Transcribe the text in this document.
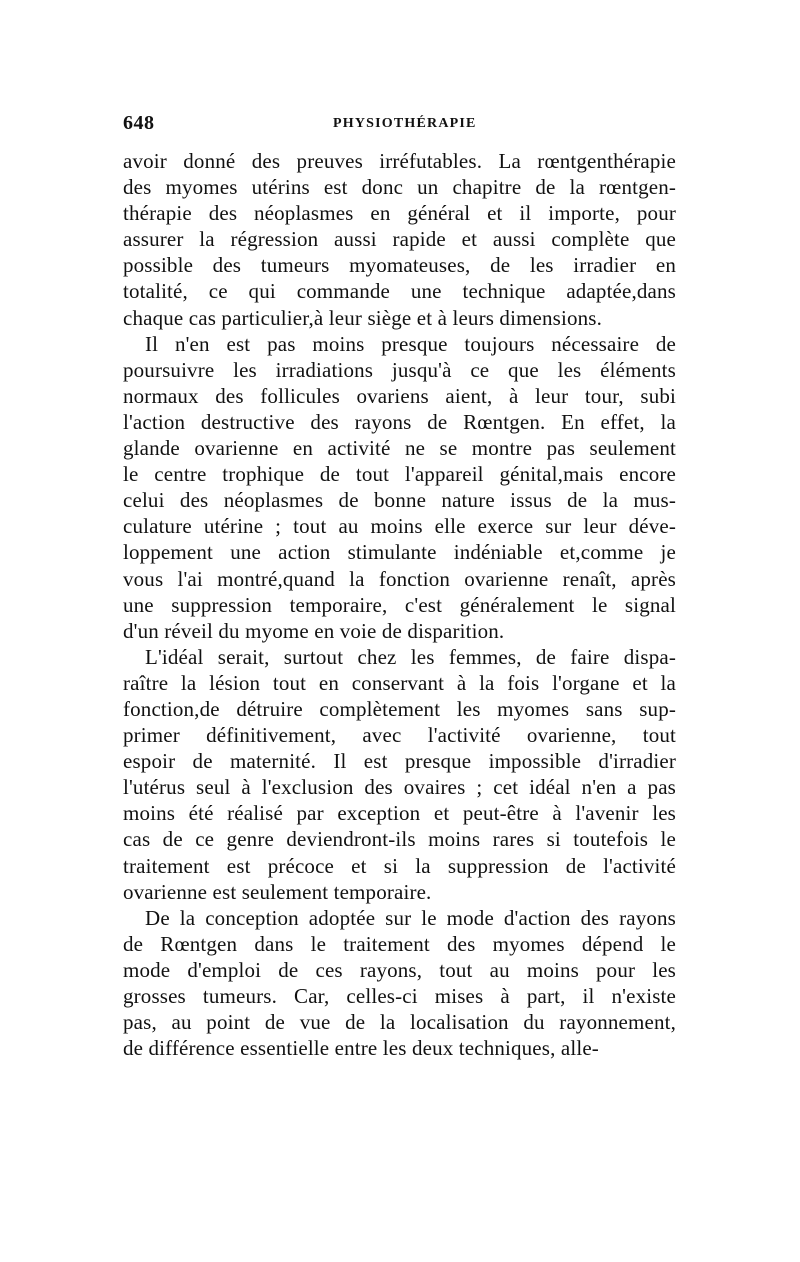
648	PHYSIOTHÉRAPIE
avoir donné des preuves irréfutables. La rœntgenthérapie
des myomes utérins est donc un chapitre de la rœntgen-
thérapie des néoplasmes en général et il importe, pour
assurer la régression aussi rapide et aussi complète que
possible des tumeurs myomateuses, de les irradier en
totalité, ce qui commande une technique adaptée,dans
chaque cas particulier,à leur siège et à leurs dimensions.
Il n'en est pas moins presque toujours nécessaire de
poursuivre les irradiations jusqu'à ce que les éléments
normaux des follicules ovariens aient, à leur tour, subi
l'action destructive des rayons de Rœntgen. En effet, la
glande ovarienne en activité ne se montre pas seulement
le centre trophique de tout l'appareil génital,mais encore
celui des néoplasmes de bonne nature issus de la mus-
culature utérine ; tout au moins elle exerce sur leur déve-
loppement une action stimulante indéniable et,comme je
vous l'ai montré,quand la fonction ovarienne renaît, après
une suppression temporaire, c'est généralement le signal
d'un réveil du myome en voie de disparition.
L'idéal serait, surtout chez les femmes, de faire dispa-
raître la lésion tout en conservant à la fois l'organe et la
fonction,de détruire complètement les myomes sans sup-
primer définitivement, avec l'activité ovarienne, tout
espoir de maternité. Il est presque impossible d'irradier
l'utérus seul à l'exclusion des ovaires ; cet idéal n'en a pas
moins été réalisé par exception et peut-être à l'avenir les
cas de ce genre deviendront-ils moins rares si toutefois le
traitement est précoce et si la suppression de l'activité
ovarienne est seulement temporaire.
De la conception adoptée sur le mode d'action des rayons
de Rœntgen dans le traitement des myomes dépend le
mode d'emploi de ces rayons, tout au moins pour les
grosses tumeurs. Car, celles-ci mises à part, il n'existe
pas, au point de vue de la localisation du rayonnement,
de différence essentielle entre les deux techniques, alle-
